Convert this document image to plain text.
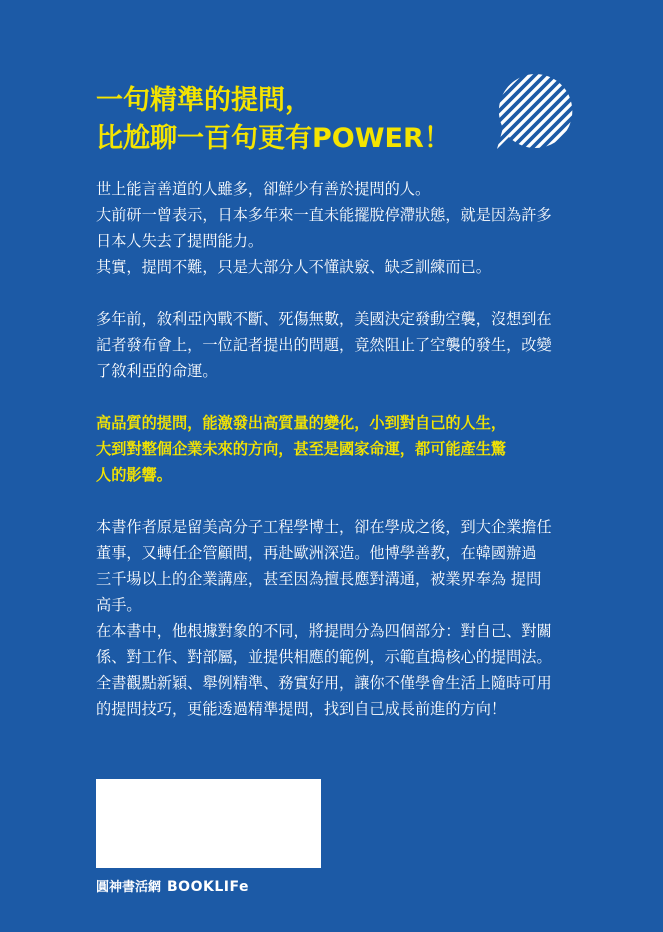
一句精準的提問，
比尬聊一百句更有POWER！

世上能言善道的人雖多，卻鮮少有善於提問的人。

大前研一曾表示，日本多年來一直未能擺脫停滯狀態，就是因為許多

日本人失去了提問能力。

其實，提問不難，只是大部分人不懂訣竅、缺乏訓練而已。

多年前，敘利亞內戰不斷、死傷無數，美國決定發動空襲，沒想到在

記者發布會上，一位記者提出的問題，竟然阻止了空襲的發生，改變

了敘利亞的命運。

高品質的提問，能激發出高質量的變化，小到對自己的人生，

大到對整個企業未來的方向，甚至是國家命運，都可能產生驚

人的影響。

本書作者原是留美高分子工程學博士，卻在學成之後，到大企業擔任

董事，又轉任企管顧問，再赴歐洲深造。他博學善教，在韓國辦過

三千場以上的企業講座，甚至因為擅長應對溝通，被業界奉為 提問

高手。

在本書中，他根據對象的不同，將提問分為四個部分：對自己、對關

係、對工作、對部屬，並提供相應的範例，示範直搗核心的提問法。

全書觀點新穎、舉例精準、務實好用，讓你不僅學會生活上隨時可用

的提問技巧，更能透過精準提問，找到自己成長前進的方向！

圓神書活網 BOOKLIFe
